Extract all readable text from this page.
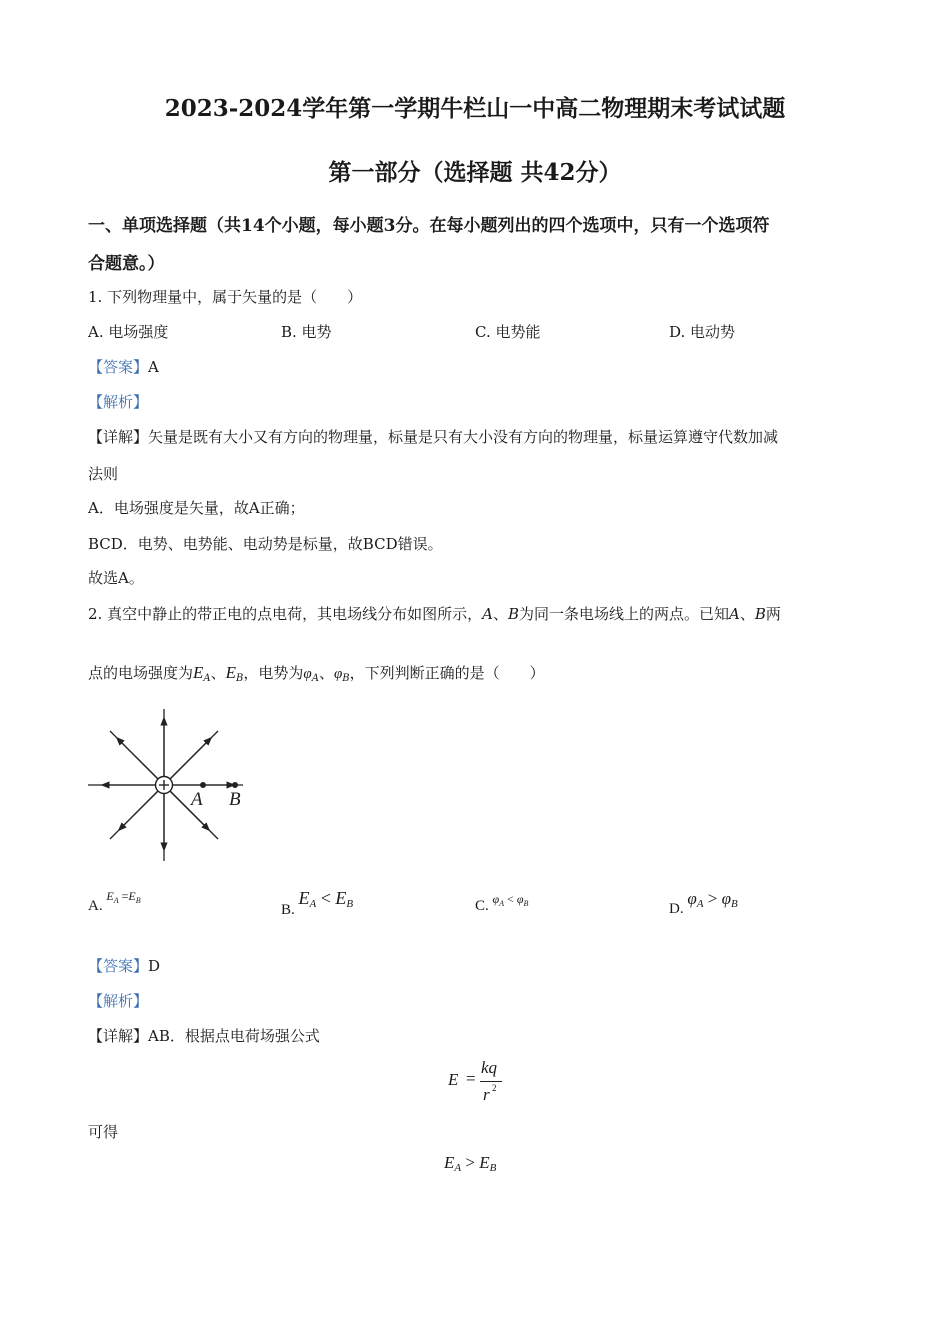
2023-2024学年第一学期牛栏山一中高二物理期末考试试题
第一部分（选择题 共42分）
一、单项选择题（共14个小题，每小题3分。在每小题列出的四个选项中，只有一个选项符
合题意。）
1. 下列物理量中，属于矢量的是（　　）
A. 电场强度	B. 电势	C. 电势能	D. 电动势
【答案】A
【解析】
【详解】矢量是既有大小又有方向的物理量，标量是只有大小没有方向的物理量，标量运算遵守代数加减
法则
A．电场强度是矢量，故A正确；
BCD．电势、电势能、电动势是标量，故BCD错误。
故选A。
2. 真空中静止的带正电的点电荷，其电场线分布如图所示，A、B为同一条电场线上的两点。已知A、B两
点的电场强度为$E_A$、$E_B$，电势为$\varphi_A$、$\varphi_B$，下列判断正确的是（　　）
A B
A. $^{E_A =E_B}$
B. $E_A < E_B$	C. $^{\varphi_A < \varphi_B}$	D. $\varphi_A > \varphi_B$
【答案】D
【解析】
【详解】AB．根据点电荷场强公式
E =
kq
r 2
可得
$E_A > E_B$
